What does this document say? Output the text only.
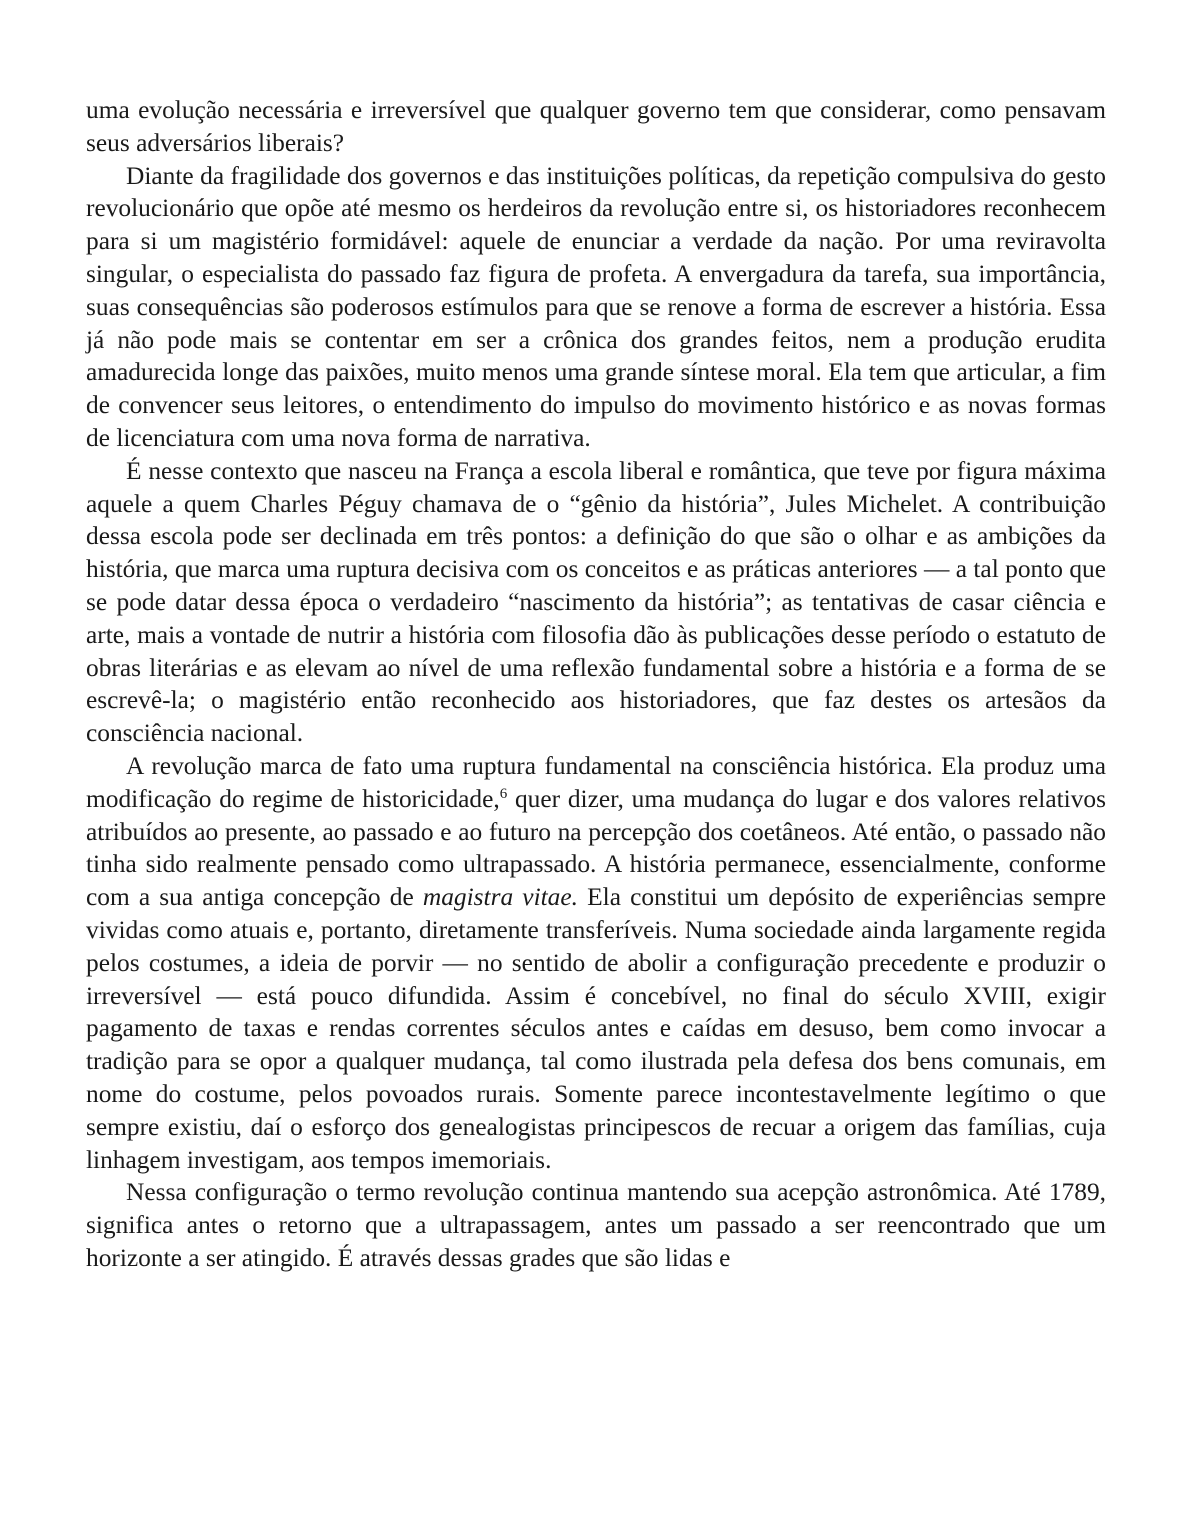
uma evolução necessária e irreversível que qualquer governo tem que considerar, como pensavam seus adversários liberais?

Diante da fragilidade dos governos e das instituições políticas, da repetição compulsiva do gesto revolucionário que opõe até mesmo os herdeiros da revolução entre si, os historiadores reconhecem para si um magistério formidável: aquele de enunciar a verdade da nação. Por uma reviravolta singular, o especialista do passado faz figura de profeta. A envergadura da tarefa, sua importância, suas consequências são poderosos estímulos para que se renove a forma de escrever a história. Essa já não pode mais se contentar em ser a crônica dos grandes feitos, nem a produção erudita amadurecida longe das paixões, muito menos uma grande síntese moral. Ela tem que articular, a fim de convencer seus leitores, o entendimento do impulso do movimento histórico e as novas formas de licenciatura com uma nova forma de narrativa.

É nesse contexto que nasceu na França a escola liberal e romântica, que teve por figura máxima aquele a quem Charles Péguy chamava de o “gênio da história”, Jules Michelet. A contribuição dessa escola pode ser declinada em três pontos: a definição do que são o olhar e as ambições da história, que marca uma ruptura decisiva com os conceitos e as práticas anteriores — a tal ponto que se pode datar dessa época o verdadeiro “nascimento da história”; as tentativas de casar ciência e arte, mais a vontade de nutrir a história com filosofia dão às publicações desse período o estatuto de obras literárias e as elevam ao nível de uma reflexão fundamental sobre a história e a forma de se escrevê-la; o magistério então reconhecido aos historiadores, que faz destes os artesãos da consciência nacional.

A revolução marca de fato uma ruptura fundamental na consciência histórica. Ela produz uma modificação do regime de historicidade,$^6$ quer dizer, uma mudança do lugar e dos valores relativos atribuídos ao presente, ao passado e ao futuro na percepção dos coetâneos. Até então, o passado não tinha sido realmente pensado como ultrapassado. A história permanece, essencialmente, conforme com a sua antiga concepção de magistra vitae. Ela constitui um depósito de experiências sempre vividas como atuais e, portanto, diretamente transferíveis. Numa sociedade ainda largamente regida pelos costumes, a ideia de porvir — no sentido de abolir a configuração precedente e produzir o irreversível — está pouco difundida. Assim é concebível, no final do século XVIII, exigir pagamento de taxas e rendas correntes séculos antes e caídas em desuso, bem como invocar a tradição para se opor a qualquer mudança, tal como ilustrada pela defesa dos bens comunais, em nome do costume, pelos povoados rurais. Somente parece incontestavelmente legítimo o que sempre existiu, daí o esforço dos genealogistas principescos de recuar a origem das famílias, cuja linhagem investigam, aos tempos imemoriais.

Nessa configuração o termo revolução continua mantendo sua acepção astronômica. Até 1789, significa antes o retorno que a ultrapassagem, antes um passado a ser reencontrado que um horizonte a ser atingido. É através dessas grades que são lidas e
